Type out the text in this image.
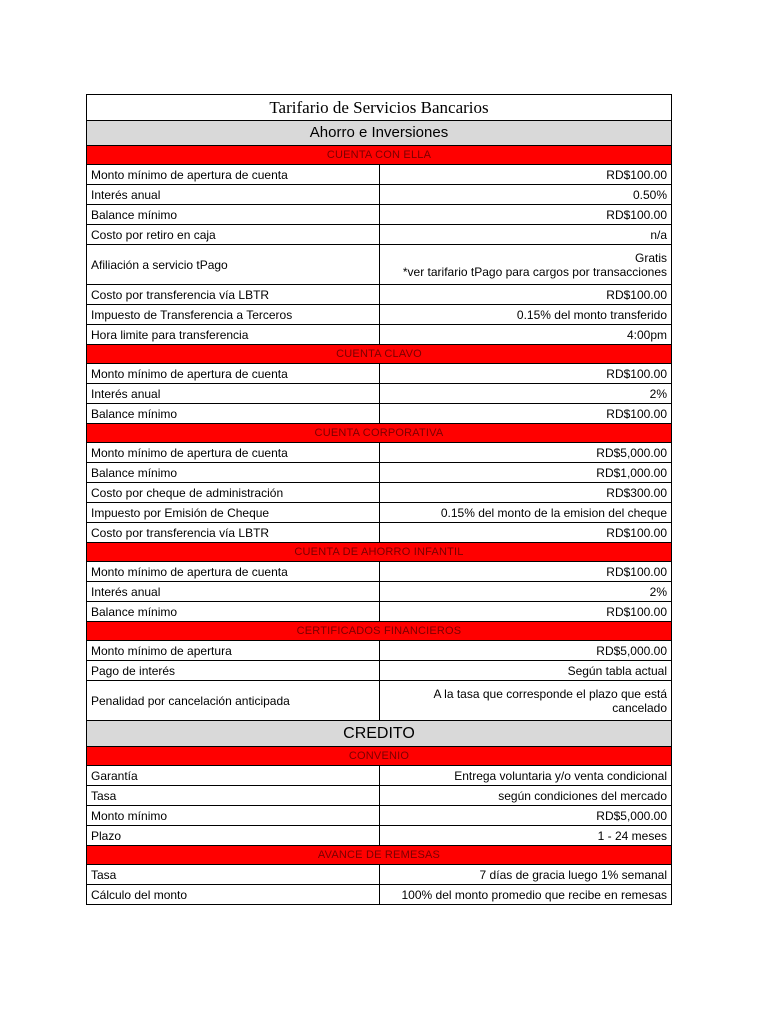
Tarifario de Servicios Bancarios	
Ahorro e Inversiones	
CUENTA CON ELLA	
Monto mínimo de apertura de cuenta	RD$100.00
Interés anual	0.50%
Balance mínimo	RD$100.00
Costo por retiro en caja	n/a
Afiliación a servicio tPago	Gratis
*ver tarifario tPago para cargos por transacciones

Costo por transferencia vía LBTR	RD$100.00
Impuesto de Transferencia a Terceros	0.15% del monto transferido
Hora limite para transferencia	4:00pm
CUENTA CLAVO	
Monto mínimo de apertura de cuenta	RD$100.00
Interés anual	2%
Balance mínimo	RD$100.00
CUENTA CORPORATIVA	
Monto mínimo de apertura de cuenta	RD$5,000.00
Balance mínimo	RD$1,000.00
Costo por cheque de administración	RD$300.00
Impuesto por Emisión de Cheque	0.15% del monto de la emision del cheque
Costo por transferencia vía LBTR	RD$100.00
CUENTA DE AHORRO INFANTIL	
Monto mínimo de apertura de cuenta	RD$100.00
Interés anual	2%
Balance mínimo	RD$100.00
CERTIFICADOS FINANCIEROS	
Monto mínimo de apertura	RD$5,000.00
Pago de interés	Según tabla actual
Penalidad por cancelación anticipada	A la tasa que corresponde el plazo que está
cancelado

CREDITO	
CONVENIO	
Garantía	Entrega voluntaria y/o venta condicional
Tasa	según condiciones del mercado
Monto mínimo	RD$5,000.00
Plazo	1 - 24 meses
AVANCE DE REMESAS	
Tasa	7 días de gracia luego 1% semanal
Cálculo del monto	100% del monto promedio que recibe en remesas
